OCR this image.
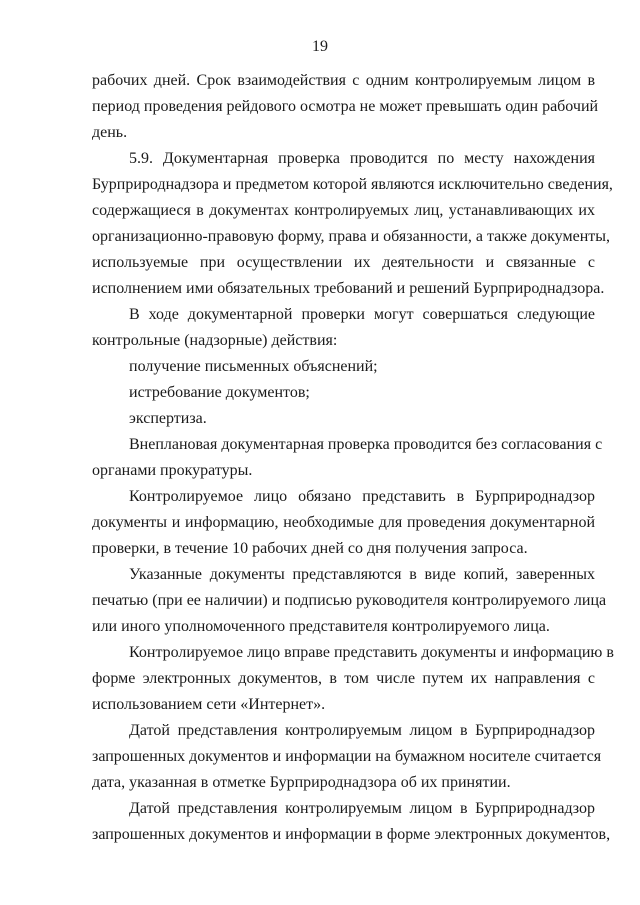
19
рабочих дней. Срок взаимодействия с одним контролируемым лицом в
период проведения рейдового осмотра не может превышать один рабочий
день.
5.9. Документарная проверка проводится по месту нахождения
Бурприроднадзора и предметом которой являются исключительно сведения,
содержащиеся в документах контролируемых лиц, устанавливающих их
организационно-правовую форму, права и обязанности, а также документы,
используемые при осуществлении их деятельности и связанные с
исполнением ими обязательных требований и решений Бурприроднадзора.
В ходе документарной проверки могут совершаться следующие
контрольные (надзорные) действия:
получение письменных объяснений;
истребование документов;
экспертиза.
Внеплановая документарная проверка проводится без согласования с
органами прокуратуры.
Контролируемое лицо обязано представить в Бурприроднадзор
документы и информацию, необходимые для проведения документарной
проверки, в течение 10 рабочих дней со дня получения запроса.
Указанные документы представляются в виде копий, заверенных
печатью (при ее наличии) и подписью руководителя контролируемого лица
или иного уполномоченного представителя контролируемого лица.
Контролируемое лицо вправе представить документы и информацию в
форме электронных документов, в том числе путем их направления с
использованием сети «Интернет».
Датой представления контролируемым лицом в Бурприроднадзор
запрошенных документов и информации на бумажном носителе считается
дата, указанная в отметке Бурприроднадзора об их принятии.
Датой представления контролируемым лицом в Бурприроднадзор
запрошенных документов и информации в форме электронных документов,
